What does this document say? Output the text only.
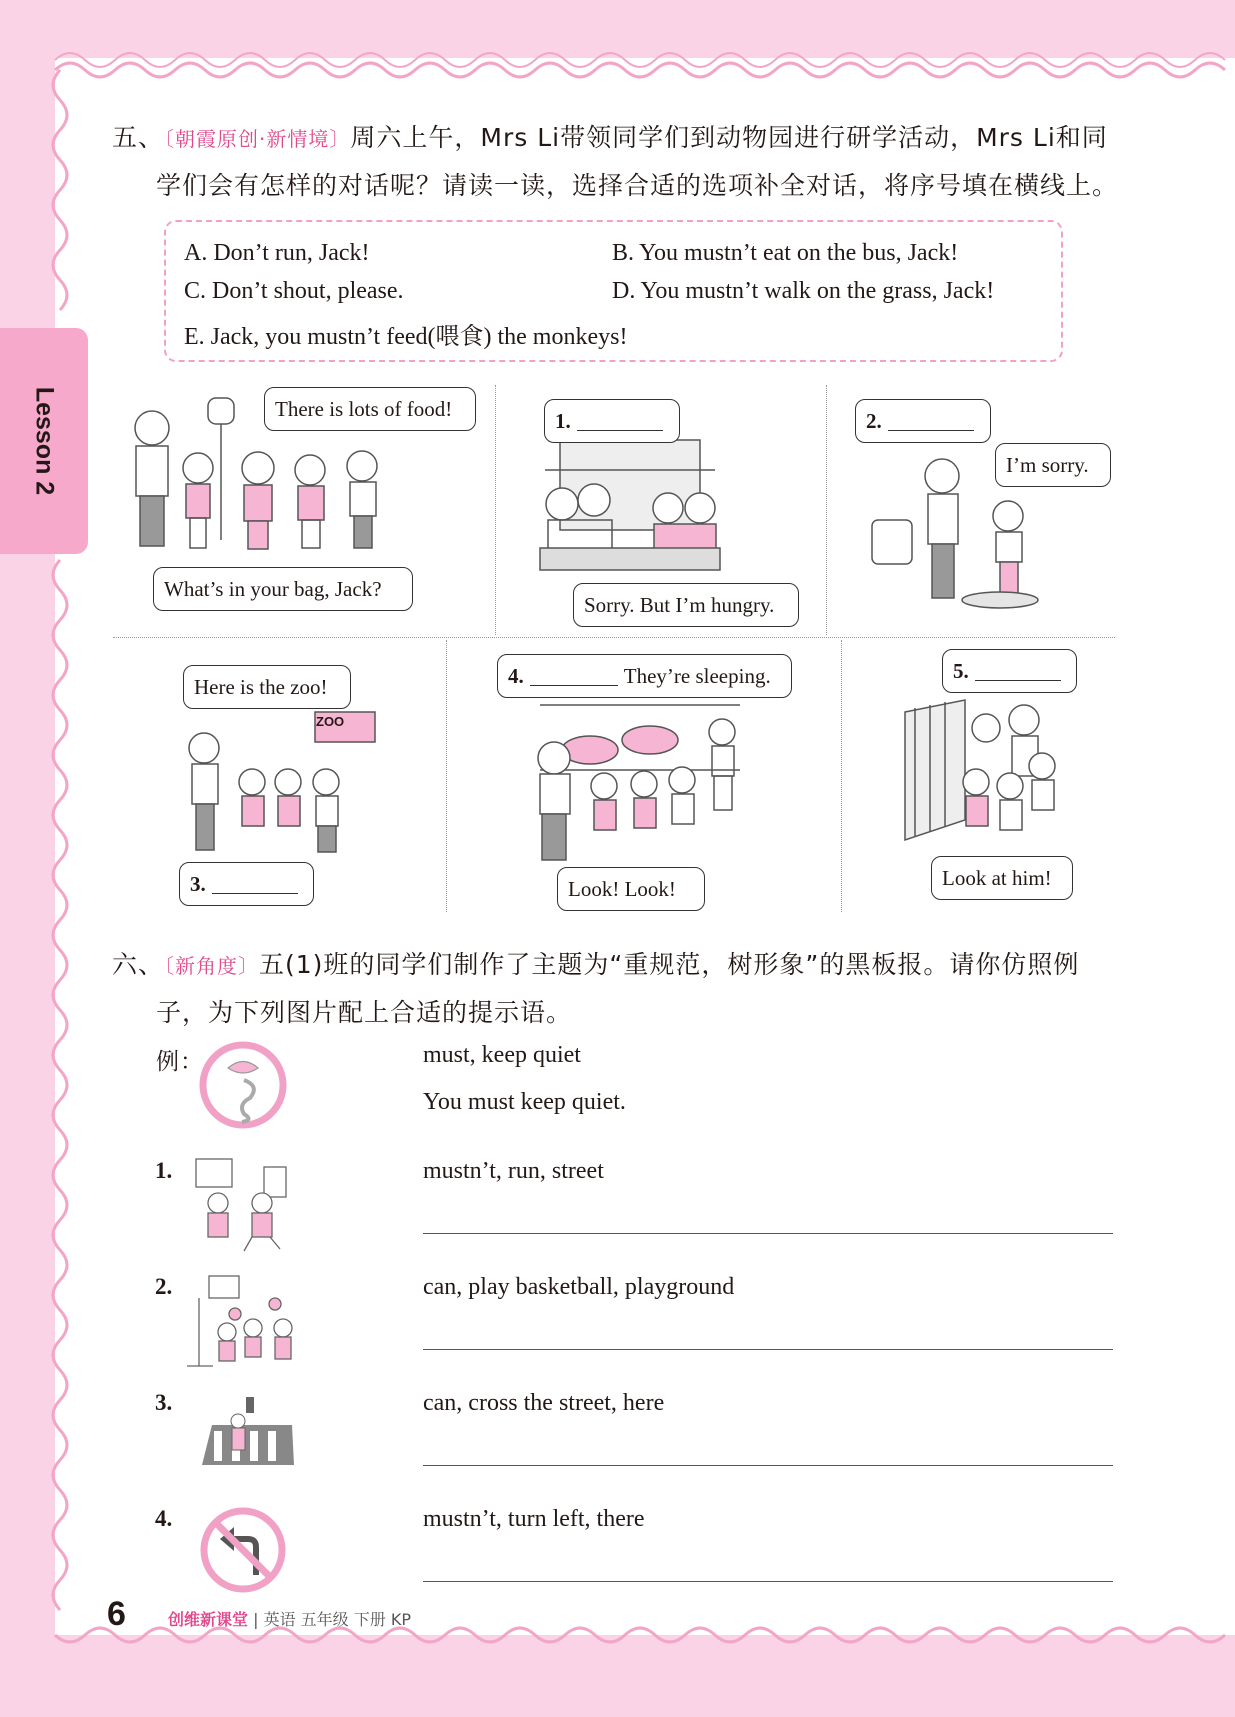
Lesson 2
五、〔朝霞原创·新情境〕周六上午，Mrs Li带领同学们到动物园进行研学活动，Mrs Li和同
学们会有怎样的对话呢？请读一读，选择合适的选项补全对话，将序号填在横线上。
A. Don’t run, Jack!	B. You mustn’t eat on the bus, Jack!
C. Don’t shout, please.	D. You mustn’t walk on the grass, Jack!
E. Jack, you mustn’t feed(喂食) the monkeys!
There is lots of food!
What’s in your bag, Jack?
1.
Sorry. But I’m hungry.
2.
I’m sorry.
Here is the zoo!
ZOO
3.
4.	They’re sleeping.
Look! Look!
5.
Look at him!
六、〔新角度〕五(1)班的同学们制作了主题为“重规范，树形象”的黑板报。请你仿照例
子，为下列图片配上合适的提示语。
例：	must, keep quiet
You must keep quiet.
1.	mustn’t, run, street
2.	can, play basketball, playground
3.	can, cross the street, here
4.	mustn’t, turn left, there
6	创维新课堂 | 英语 五年级 下册 KP
